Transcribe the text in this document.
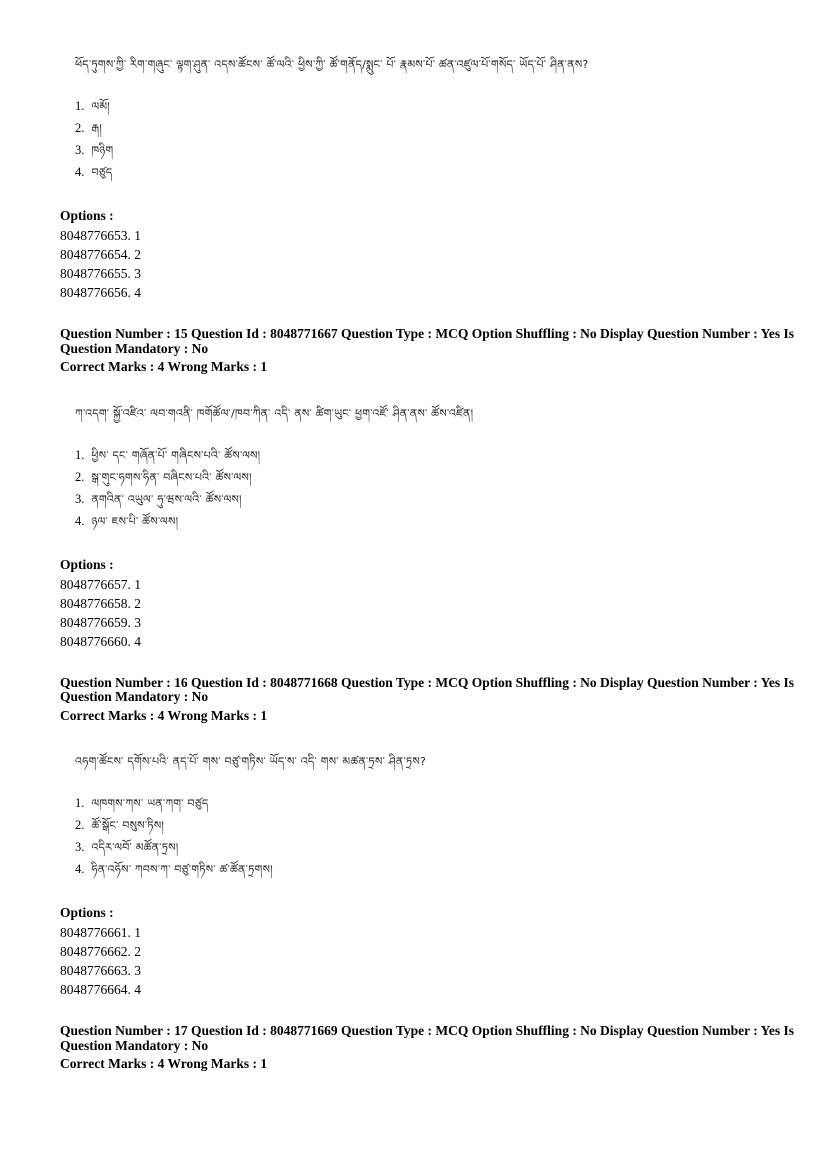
ཕོད་ཏུགས་ཀྱི་ རིག་གཞུང་ ལྟག་ཤུན་ འདས་ཚོངས་ ཚོ་ལའི་ ཕྱིས་ཀྱི་ ཚོ་གནོད/སྨུང་ པོ་ རྣམས་པོ་ ཚན་འཛུལ་པོ་གསོད་ ཡོད་པོ་ ཤིན་ནས?

1. ལམོ།
2. རྒ།
3. ཁཉིག
4. བཙུད

Options :

8048776653. 1
8048776654. 2
8048776655. 3
8048776656. 4

Question Number : 15 Question Id : 8048771667 Question Type : MCQ Option Shuffling : No Display Question Number : Yes Is

Question Mandatory : No

Correct Marks : 4 Wrong Marks : 1

ཀ་འདག་ སྐྱོ་འཛིའ་ ལབ་གའནི་ ཁགོཚོལ་/ཁབ་ཀིན་ འདི་ ནས་ ཚིག་ཡུང་ ཕྱག་འཛོ་ ཤིན་ནས་ ཚོས་འཛིན།

1. ཕྱིས་ དང་ གཞོན་པོ་ གཞིངས་པའི་ ཚོས་ལས།
2. སྒ་གུང་ཧགས་ཧིན་ བཞིངས་པའི་ ཚོས་ལས།
3. ནགའིན་ འཡུལ་ ཧུ་ཝས་ལའི་ ཚོས་ལས།
4. ཉལ་ ཇས་པི་ ཚོས་ལས།

Options :

8048776657. 1
8048776658. 2
8048776659. 3
8048776660. 4

Question Number : 16 Question Id : 8048771668 Question Type : MCQ Option Shuffling : No Display Question Number : Yes Is

Question Mandatory : No

Correct Marks : 4 Wrong Marks : 1

འཧག་ཚོངས་ དགོས་པའི་ ནད་པོ་ གས་ བཙུ་གཏིས་ ཡོད་ས་ འདི་ གས་ མཚན་ཏྲས་ ཤིན་ཏྲས?

1. ལཁགས་ཀས་ ཡན་ཀག་ བཙུད
2. ཚོ་སྒོང་ བསུས་ཏིས།
3. འདིར་ལབོ་ མཚོན་ཏྲས།
4. ཧིན་འཧོས་ ཀབས་ཀ་ བཙུ་གཏིས་ ཚ་ཚོན་ཏྲགས།

Options :

8048776661. 1
8048776662. 2
8048776663. 3
8048776664. 4

Question Number : 17 Question Id : 8048771669 Question Type : MCQ Option Shuffling : No Display Question Number : Yes Is

Question Mandatory : No

Correct Marks : 4 Wrong Marks : 1
